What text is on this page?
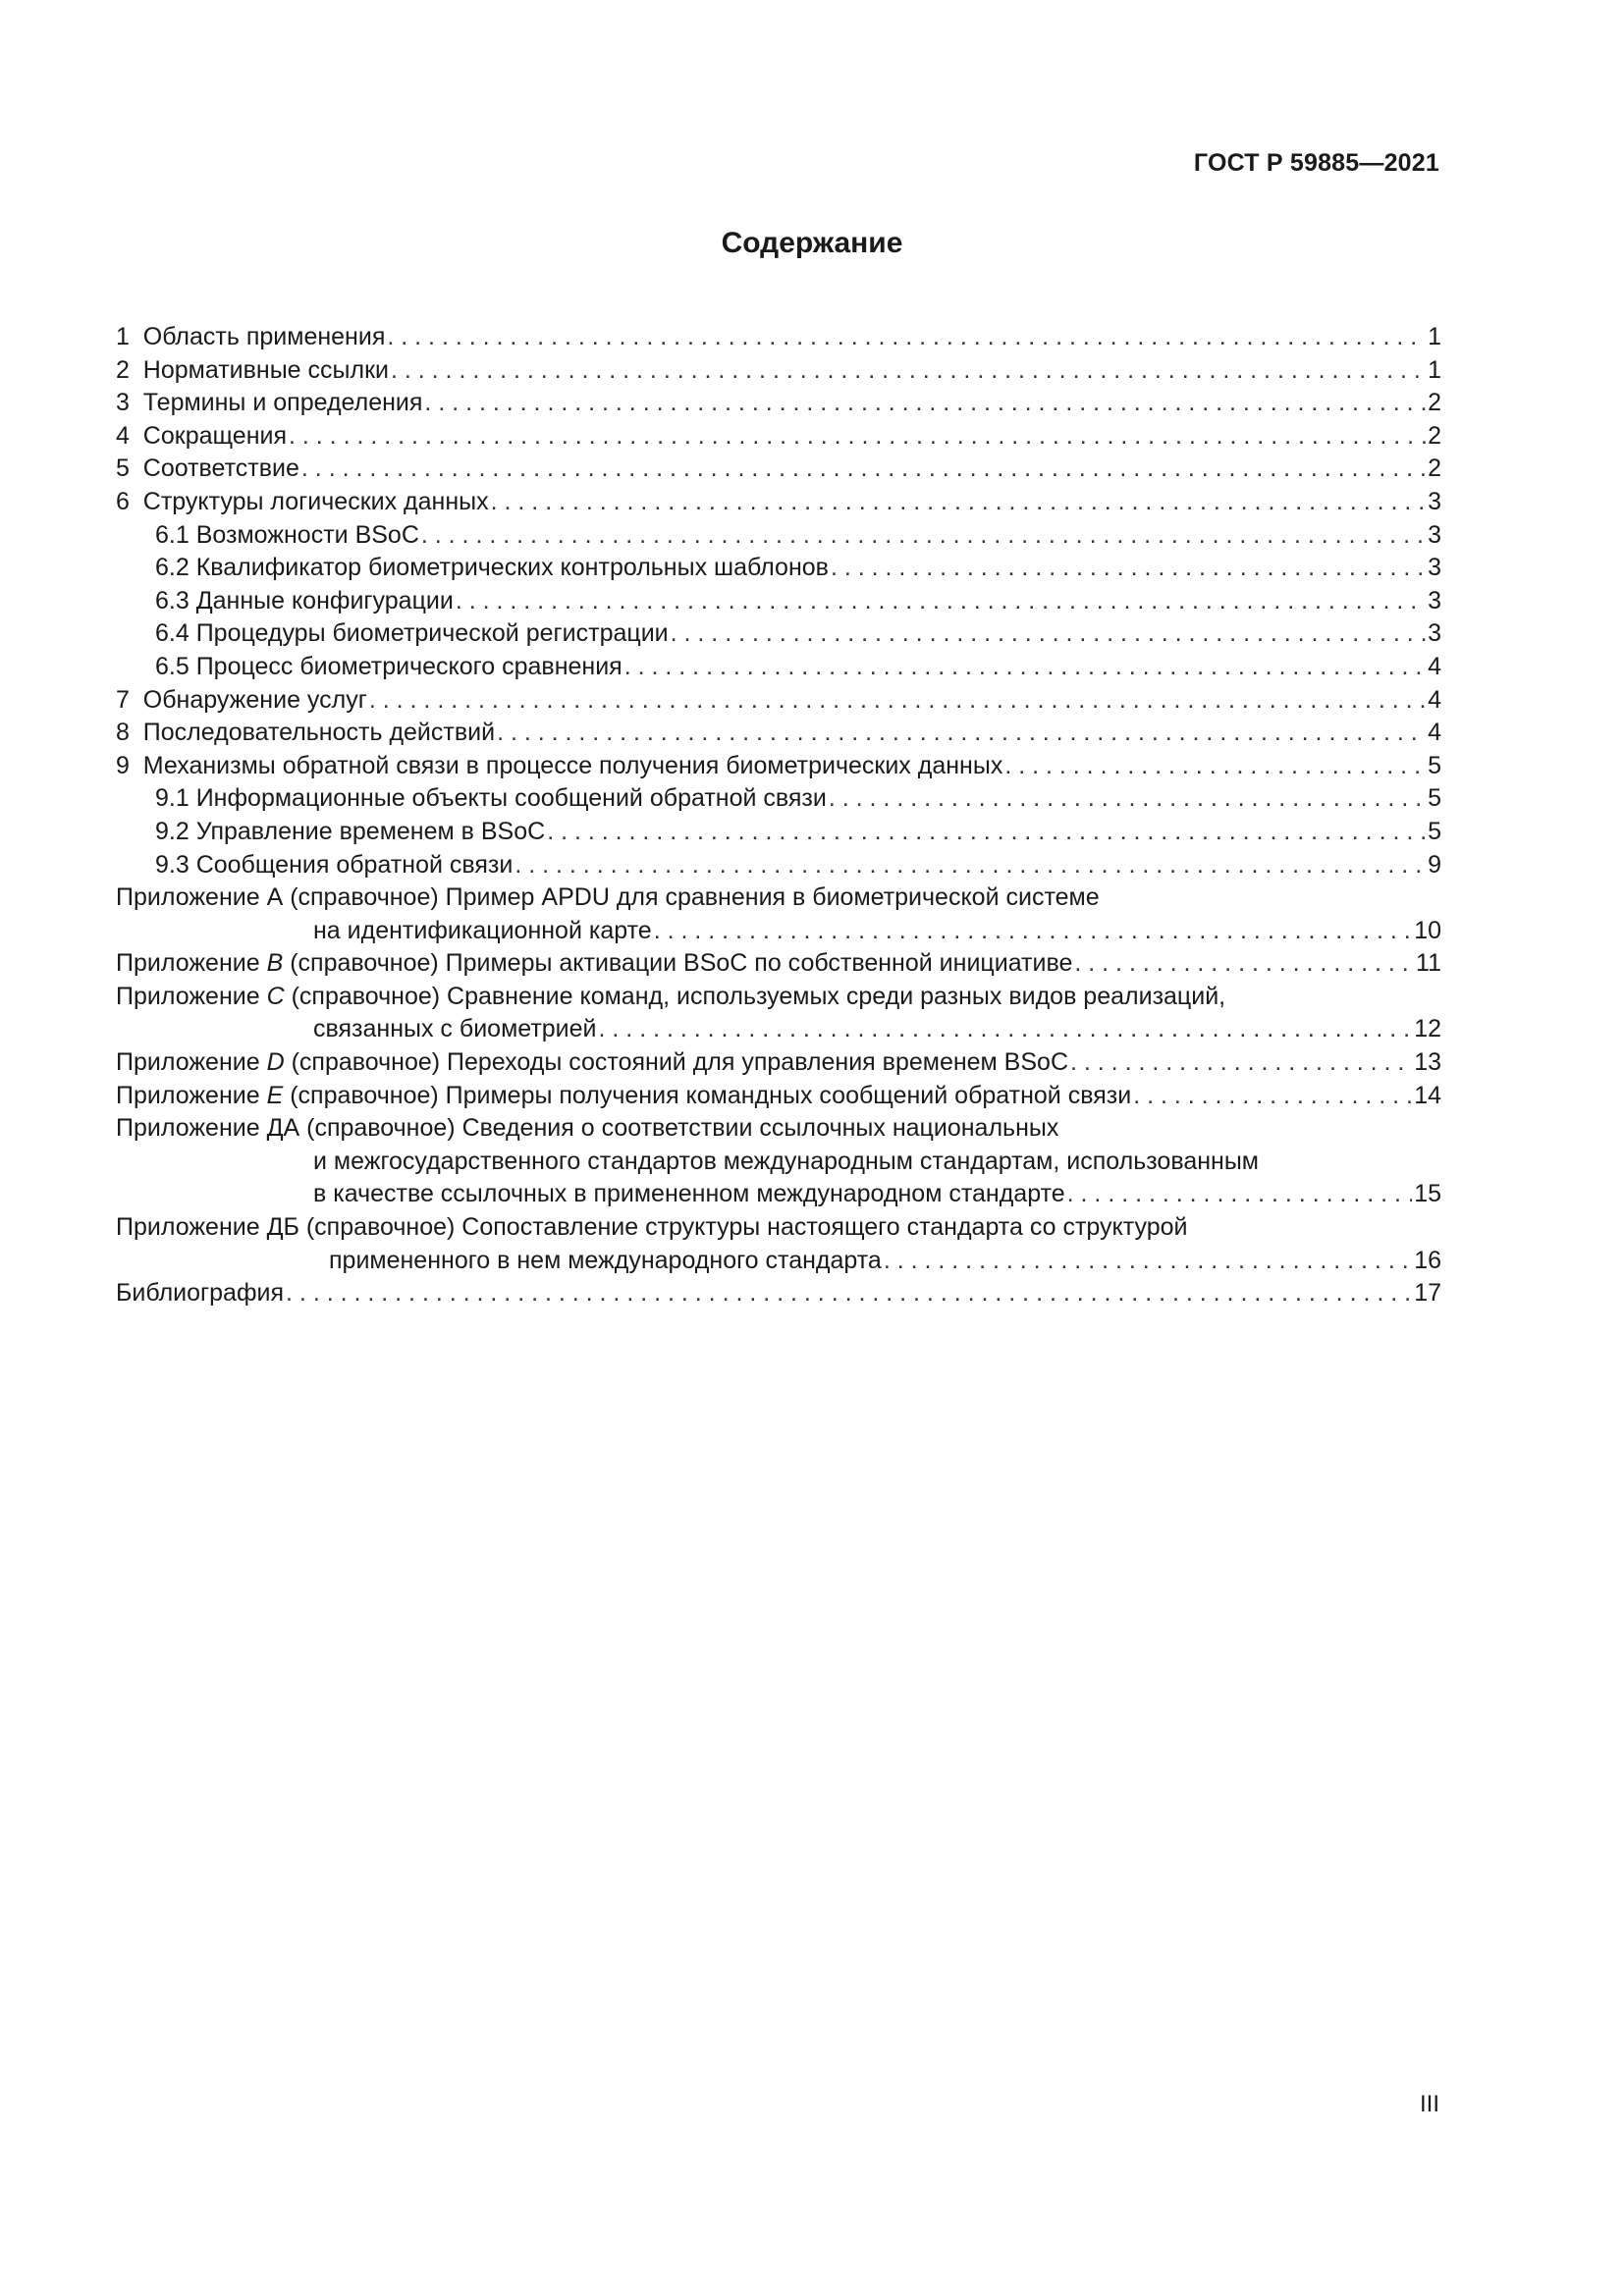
ГОСТ Р 59885—2021
Содержание
1  Область применения . . .	1
2  Нормативные ссылки . . .	1
3  Термины и определения . . .	2
4  Сокращения . . .	2
5  Соответствие . . .	2
6  Структуры логических данных . . .	3
6.1 Возможности BSoC . . .	3
6.2 Квалификатор биометрических контрольных шаблонов . . .	3
6.3 Данные конфигурации . . .	3
6.4 Процедуры биометрической регистрации . . .	3
6.5 Процесс биометрического сравнения . . .	4
7  Обнаружение услуг . . .	4
8  Последовательность действий . . .	4
9  Механизмы обратной связи в процессе получения биометрических данных . . .	5
9.1 Информационные объекты сообщений обратной связи . . .	5
9.2 Управление временем в BSoC . . .	5
9.3 Сообщения обратной связи . . .	9
Приложение А (справочное) Пример APDU для сравнения в биометрической системе
на идентификационной карте . . .	10
Приложение B (справочное) Примеры активации BSoC по собственной инициативе . . .	11
Приложение C (справочное) Сравнение команд, используемых среди разных видов реализаций,
связанных с биометрией . . .	12
Приложение D (справочное) Переходы состояний для управления временем BSoC . . .	13
Приложение E (справочное) Примеры получения командных сообщений обратной связи . . .	14
Приложение ДА (справочное) Сведения о соответствии ссылочных национальных
и межгосударственного стандартов международным стандартам, использованным
в качестве ссылочных в примененном международном стандарте . . .	15
Приложение ДБ (справочное) Сопоставление структуры настоящего стандарта со структурой
примененного в нем международного стандарта . . .	16
Библиография . . .	17
III
